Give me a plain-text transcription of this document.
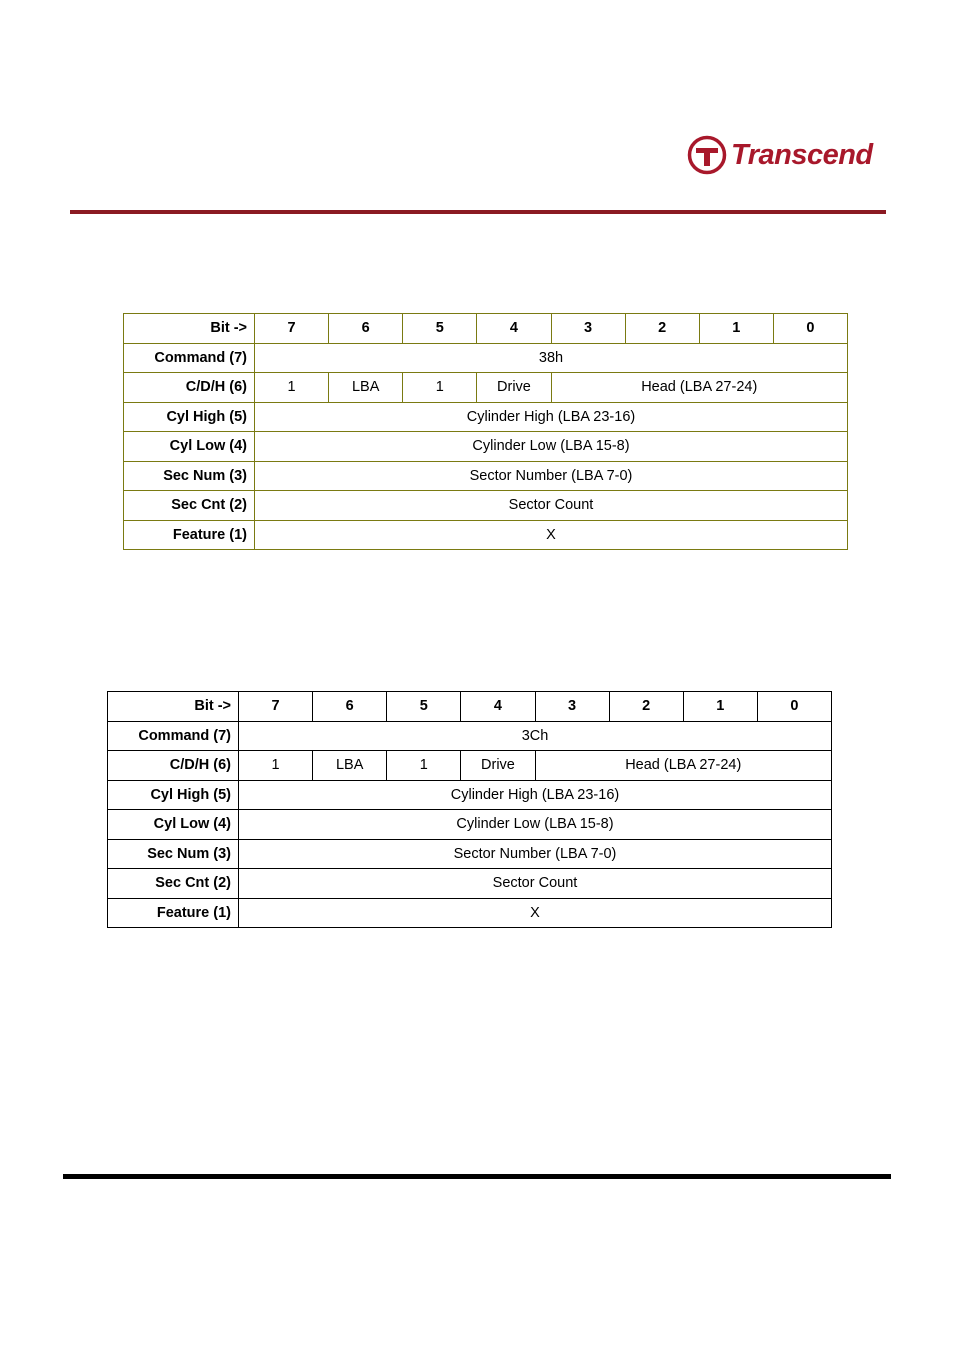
Transcend
Bit ->	7	6	5	4	3	2	1	0
Command (7)	38h							
C/D/H (6)	1	LBA	1	Drive	Head (LBA 27-24)			
Cyl High (5)	Cylinder High (LBA 23-16)							
Cyl Low (4)	Cylinder Low (LBA 15-8)							
Sec Num (3)	Sector Number (LBA 7-0)							
Sec Cnt (2)	Sector Count							
Feature (1)	X							
Bit ->	7	6	5	4	3	2	1	0
Command (7)	3Ch							
C/D/H (6)	1	LBA	1	Drive	Head (LBA 27-24)			
Cyl High (5)	Cylinder High (LBA 23-16)							
Cyl Low (4)	Cylinder Low (LBA 15-8)							
Sec Num (3)	Sector Number (LBA 7-0)							
Sec Cnt (2)	Sector Count							
Feature (1)	X							
